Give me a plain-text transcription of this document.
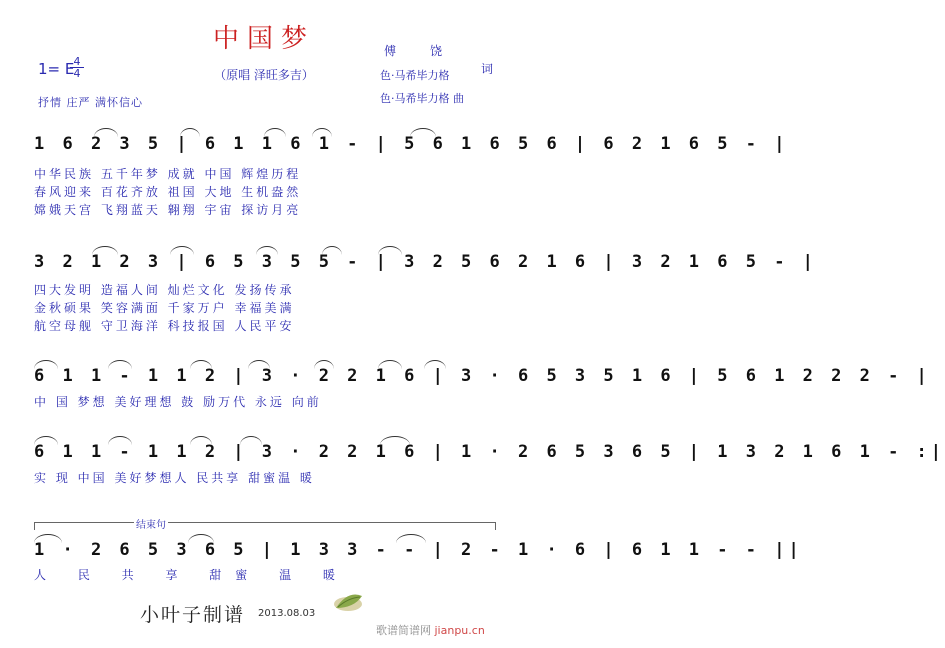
中国梦
（原唱 泽旺多吉）
1= E 4
4
抒情 庄严 满怀信心
傅饶
词
色·马希毕力格
色·马希毕力格 曲
1 6 2 3 5 | 6 1 1 6 1 - | 5 6 1 6 5 6 | 6 2 1 6 5 - |
中华民族 五千年梦 成就 中国 辉煌历程
春风迎来 百花齐放 祖国 大地 生机盎然
嫦娥天宫 飞翔蓝天 翱翔 宇宙 探访月亮
3 2 1 2 3 | 6 5 3 5 5 - | 3 2 5 6 2 1 6 | 3 2 1 6 5 - |
四大发明 造福人间 灿烂文化 发扬传承
金秋硕果 笑容满面 千家万户 幸福美满
航空母舰 守卫海洋 科技报国 人民平安
6 1 1 - 1 1 2 | 3 · 2 2 1 6 | 3 · 6 5 3 5 1 6 | 5 6 1 2 2 2 - |
中 国 梦想 美好理想 鼓 励万代 永远 向前
6 1 1 - 1 1 2 | 3 · 2 2 1 6 | 1 · 2 6 5 3 6 5 | 1 3 2 1 6 1 - :|
实 现 中国 美好梦想人 民共享 甜蜜温 暖
结束句
1 · 2 6 5 3 6 5 | 1 3 3 - - | 2 - 1 · 6 | 6 1 1 - - ||
人 民 共 享 甜蜜 温 暖
小叶子制谱 2013.08.03
歌谱简谱网 jianpu.cn
